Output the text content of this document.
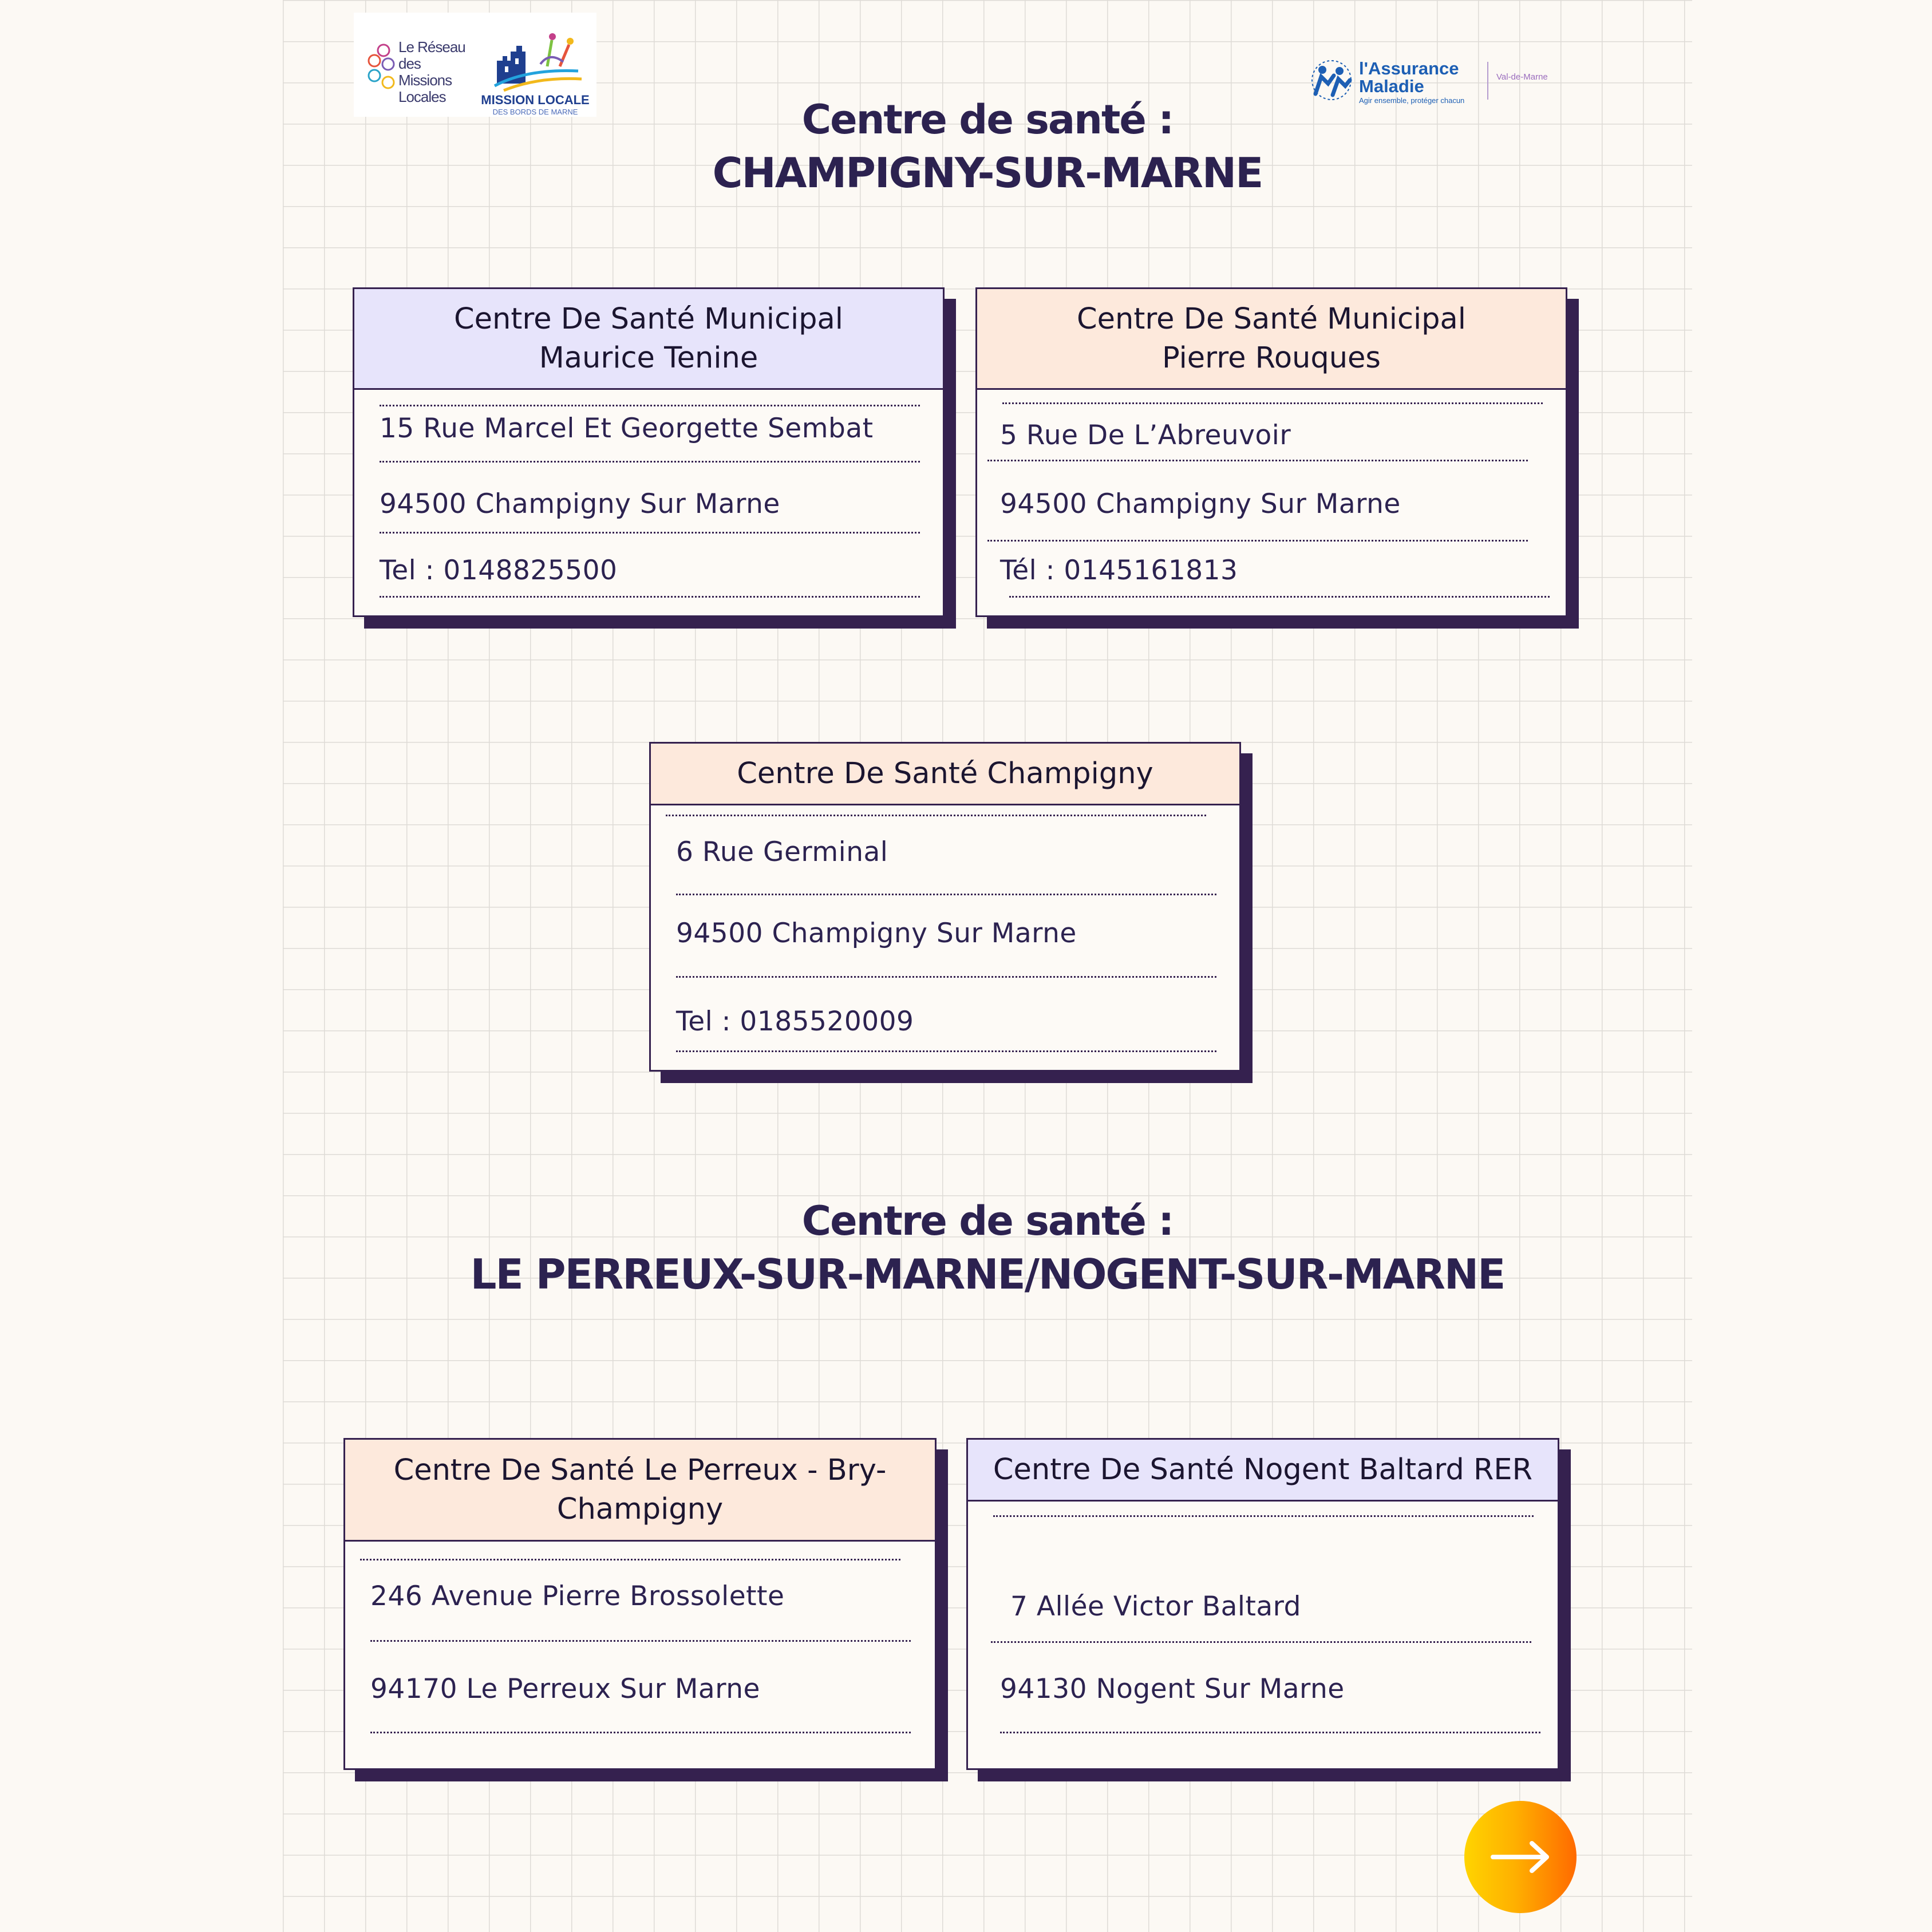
Le Réseau
des Missions
Locales	MISSION LOCALE
DES BORDS DE MARNE
l'Assurance
Maladie
Agir ensemble, protéger chacun
Val-de-Marne
Centre de santé :
CHAMPIGNY-SUR-MARNE
Centre De Santé Municipal
Maurice Tenine
15 Rue Marcel Et Georgette Sembat
94500 Champigny Sur Marne
Tel : 0148825500
Centre De Santé Municipal
Pierre Rouques
5 Rue De L’Abreuvoir
94500 Champigny Sur Marne
Tél : 0145161813
Centre De Santé Champigny
6 Rue Germinal
94500 Champigny Sur Marne
Tel : 0185520009
Centre de santé :
LE PERREUX-SUR-MARNE/NOGENT-SUR-MARNE
Centre De Santé Le Perreux - Bry-
Champigny
246 Avenue Pierre Brossolette
94170 Le Perreux Sur Marne
Centre De Santé Nogent Baltard RER
7 Allée Victor Baltard
94130 Nogent Sur Marne
